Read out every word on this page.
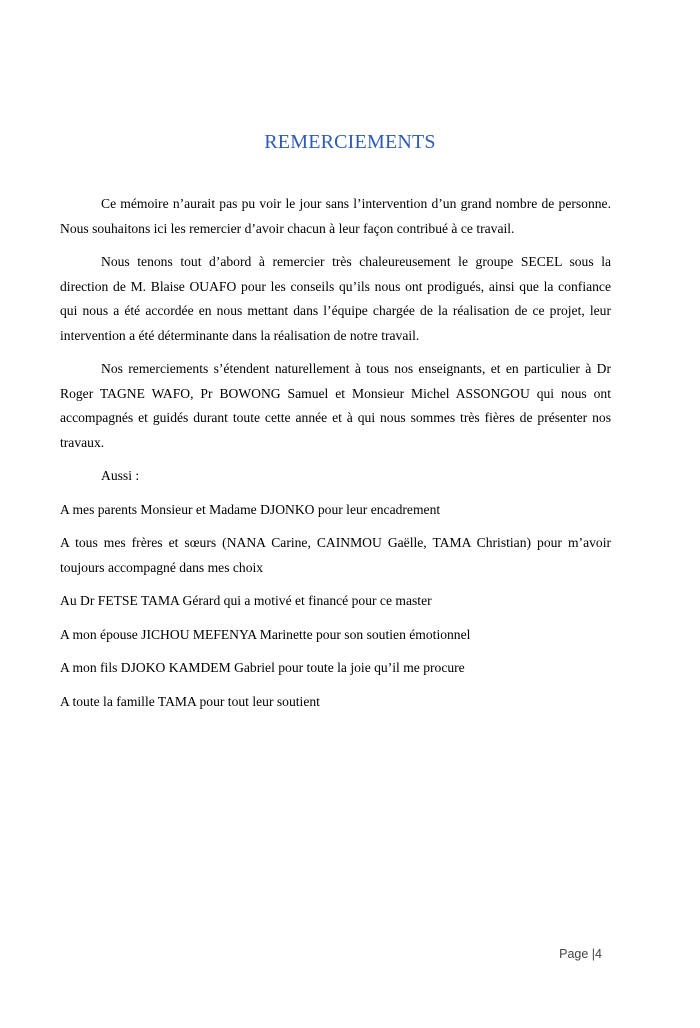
REMERCIEMENTS

Ce mémoire n’aurait pas pu voir le jour sans l’intervention d’un grand nombre de personne. Nous souhaitons ici les remercier d’avoir chacun à leur façon contribué à ce travail.

Nous tenons tout d’abord à remercier très chaleureusement le groupe SECEL sous la direction de M. Blaise OUAFO pour les conseils qu’ils nous ont prodigués, ainsi que la confiance qui nous a été accordée en nous mettant dans l’équipe chargée de la réalisation de ce projet, leur intervention a été déterminante dans la réalisation de notre travail.

Nos remerciements s’étendent naturellement à tous nos enseignants, et en particulier à Dr Roger TAGNE WAFO, Pr BOWONG Samuel et Monsieur Michel ASSONGOU qui nous ont accompagnés et guidés durant toute cette année et à qui nous sommes très fières de présenter nos travaux.

Aussi :

A mes parents Monsieur et Madame DJONKO pour leur encadrement

A tous mes frères et sœurs (NANA Carine, CAINMOU Gaëlle, TAMA Christian) pour m’avoir toujours accompagné dans mes choix

Au Dr FETSE TAMA Gérard qui a motivé et financé pour ce master

A mon épouse JICHOU MEFENYA Marinette pour son soutien émotionnel

A mon fils DJOKO KAMDEM Gabriel pour toute la joie qu’il me procure

A toute la famille TAMA pour tout leur soutient

Page |4
